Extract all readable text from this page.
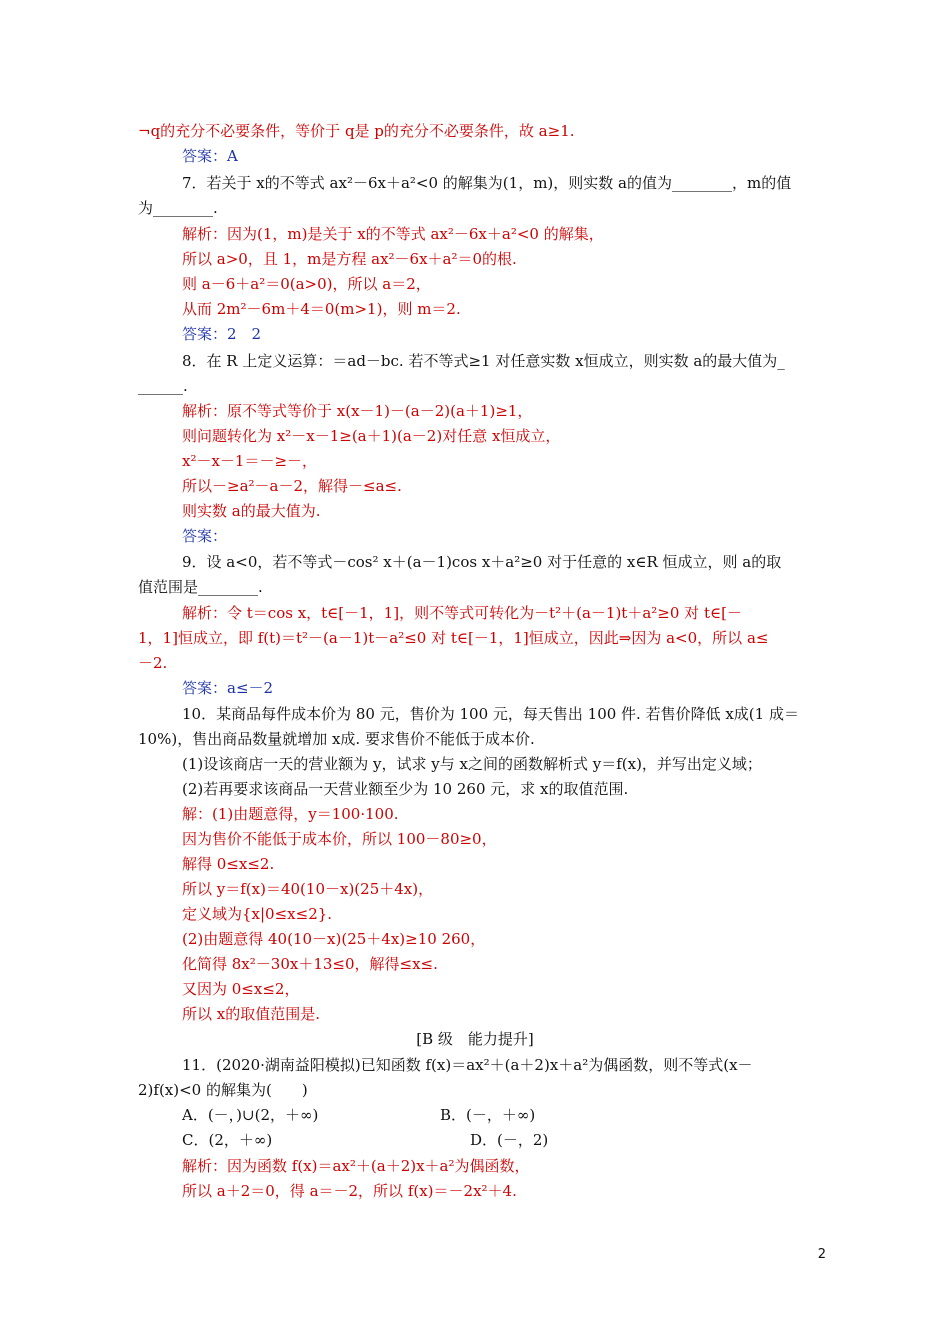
¬q的充分不必要条件，等价于 q是 p的充分不必要条件，故 a≥1.
答案：A
7．若关于 x的不等式 ax²－6x＋a²<0 的解集为(1，m)，则实数 a的值为________，m的值
为________.
解析：因为(1，m)是关于 x的不等式 ax²－6x＋a²<0 的解集，
所以 a>0，且 1，m是方程 ax²－6x＋a²＝0的根.
则 a－6＋a²＝0(a>0)，所以 a＝2，
从而 2m²－6m＋4＝0(m>1)，则 m＝2.
答案：2　2
8．在 R 上定义运算：＝ad－bc. 若不等式≥1 对任意实数 x恒成立，则实数 a的最大值为_
______.
解析：原不等式等价于 x(x－1)－(a－2)(a＋1)≥1，
则问题转化为 x²－x－1≥(a＋1)(a－2)对任意 x恒成立，
x²－x－1＝－≥－，
所以－≥a²－a－2，解得－≤a≤.
则实数 a的最大值为.
答案：
9．设 a<0，若不等式－cos² x＋(a－1)cos x＋a²≥0 对于任意的 x∈R 恒成立，则 a的取
值范围是________.
解析：令 t＝cos x，t∈[－1，1]，则不等式可转化为－t²＋(a－1)t＋a²≥0 对 t∈[－
1，1]恒成立，即 f(t)＝t²－(a－1)t－a²≤0 对 t∈[－1，1]恒成立，因此⇒因为 a<0，所以 a≤
－2.
答案：a≤－2
10．某商品每件成本价为 80 元，售价为 100 元，每天售出 100 件. 若售价降低 x成(1 成＝
10%)，售出商品数量就增加 x成. 要求售价不能低于成本价.
(1)设该商店一天的营业额为 y，试求 y与 x之间的函数解析式 y＝f(x)，并写出定义域；
(2)若再要求该商品一天营业额至少为 10 260 元，求 x的取值范围.
解：(1)由题意得，y＝100·100.
因为售价不能低于成本价，所以 100－80≥0，
解得 0≤x≤2.
所以 y＝f(x)＝40(10－x)(25＋4x)，
定义域为{x|0≤x≤2}.
(2)由题意得 40(10－x)(25＋4x)≥10 260，
化简得 8x²－30x＋13≤0，解得≤x≤.
又因为 0≤x≤2，
所以 x的取值范围是.
[B 级　能力提升]
11．(2020·湖南益阳模拟)已知函数 f(x)＝ax²＋(a＋2)x＋a²为偶函数，则不等式(x－
2)f(x)<0 的解集为(　　)
A．(－，)∪(2，＋∞)	B．(－，＋∞)
C．(2，＋∞)	D．(－，2)
解析：因为函数 f(x)＝ax²＋(a＋2)x＋a²为偶函数，
所以 a＋2＝0，得 a＝－2，所以 f(x)＝－2x²＋4.
2
